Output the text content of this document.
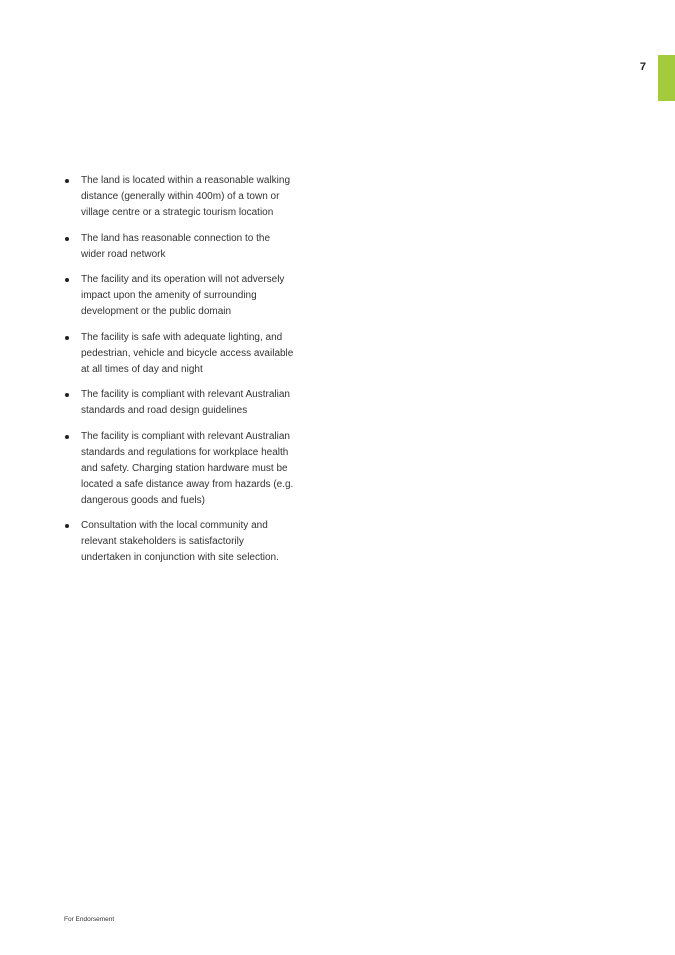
7
The land is located within a reasonable walking distance (generally within 400m) of a town or village centre or a strategic tourism location
The land has reasonable connection to the wider road network
The facility and its operation will not adversely impact upon the amenity of surrounding development or the public domain
The facility is safe with adequate lighting, and pedestrian, vehicle and bicycle access available at all times of day and night
The facility is compliant with relevant Australian standards and road design guidelines
The facility is compliant with relevant Australian standards and regulations for workplace health and safety. Charging station hardware must be located a safe distance away from hazards (e.g. dangerous goods and fuels)
Consultation with the local community and relevant stakeholders is satisfactorily undertaken in conjunction with site selection.
For Endorsement
